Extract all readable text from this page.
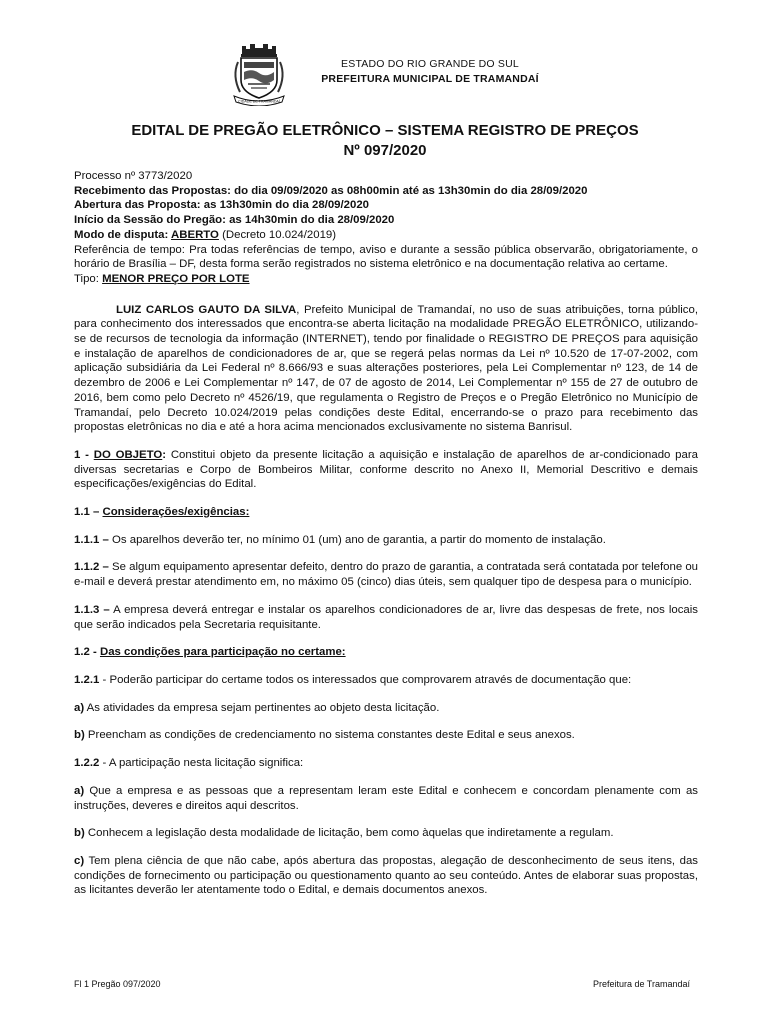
CIDADE DE TRAMANDAÍ
ESTADO DO RIO GRANDE DO SUL
PREFEITURA MUNICIPAL DE TRAMANDAÍ
EDITAL DE PREGÃO ELETRÔNICO – SISTEMA REGISTRO DE PREÇOS
Nº 097/2020

Processo nº 3773/2020

Recebimento das Propostas: do dia 09/09/2020 as 08h00min até as 13h30min do dia 28/09/2020

Abertura das Proposta: as 13h30min do dia 28/09/2020

Início da Sessão do Pregão: as 14h30min do dia 28/09/2020

Modo de disputa: ABERTO (Decreto 10.024/2019)

Referência de tempo: Pra todas referências de tempo, aviso e durante a sessão pública observarão, obrigatoriamente, o horário de Brasília – DF, desta forma serão registrados no sistema eletrônico e na documentação relativa ao certame.

Tipo: MENOR PREÇO POR LOTE

LUIZ CARLOS GAUTO DA SILVA, Prefeito Municipal de Tramandaí, no uso de suas atribuições, torna público, para conhecimento dos interessados que encontra-se aberta licitação na modalidade PREGÃO ELETRÔNICO, utilizando-se de recursos de tecnologia da informação (INTERNET), tendo por finalidade o REGISTRO DE PREÇOS para aquisição e instalação de aparelhos de condicionadores de ar, que se regerá pelas normas da Lei nº 10.520 de 17-07-2002, com aplicação subsidiária da Lei Federal nº 8.666/93 e suas alterações posteriores, pela Lei Complementar nº 123, de 14 de dezembro de 2006 e Lei Complementar nº 147, de 07 de agosto de 2014, Lei Complementar nº 155 de 27 de outubro de 2016, bem como pelo Decreto nº 4526/19, que regulamenta o Registro de Preços e o Pregão Eletrônico no Município de Tramandaí, pelo Decreto 10.024/2019 pelas condições deste Edital, encerrando-se o prazo para recebimento das propostas eletrônicas no dia e até a hora acima mencionados exclusivamente no sistema Banrisul.

1 - DO OBJETO: Constitui objeto da presente licitação a aquisição e instalação de aparelhos de ar-condicionado para diversas secretarias e Corpo de Bombeiros Militar, conforme descrito no Anexo II, Memorial Descritivo e demais especificações/exigências do Edital.

1.1 – Considerações/exigências:

1.1.1 – Os aparelhos deverão ter, no mínimo 01 (um) ano de garantia, a partir do momento de instalação.

1.1.2 – Se algum equipamento apresentar defeito, dentro do prazo de garantia, a contratada será contatada por telefone ou e-mail e deverá prestar atendimento em, no máximo 05 (cinco) dias úteis, sem qualquer tipo de despesa para o município.

1.1.3 – A empresa deverá entregar e instalar os aparelhos condicionadores de ar, livre das despesas de frete, nos locais que serão indicados pela Secretaria requisitante.

1.2 - Das condições para participação no certame:

1.2.1 - Poderão participar do certame todos os interessados que comprovarem através de documentação que:

a) As atividades da empresa sejam pertinentes ao objeto desta licitação.

b) Preencham as condições de credenciamento no sistema constantes deste Edital e seus anexos.

1.2.2 - A participação nesta licitação significa:

a) Que a empresa e as pessoas que a representam leram este Edital e conhecem e concordam plenamente com as instruções, deveres e direitos aqui descritos.

b) Conhecem a legislação desta modalidade de licitação, bem como àquelas que indiretamente a regulam.

c) Tem plena ciência de que não cabe, após abertura das propostas, alegação de desconhecimento de seus itens, das condições de fornecimento ou participação ou questionamento quanto ao seu conteúdo. Antes de elaborar suas propostas, as licitantes deverão ler atentamente todo o Edital, e demais documentos anexos.

Fl 1 Pregão 097/2020	Prefeitura de Tramandaí
